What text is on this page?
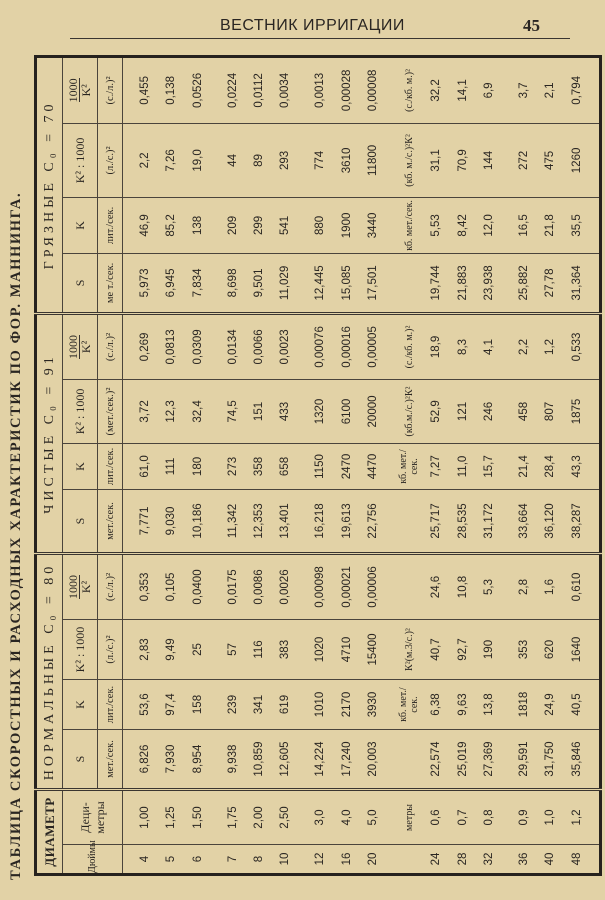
ВЕСТНИК ИРРИГАЦИИ	45
ТАБЛИЦА СКОРОСТНЫХ И РАСХОДНЫХ ХАРАКТЕРИСТИК ПО ФОР. МАННИНГА. ДИАМЕТР		НОРМАЛЬНЫЕ C₀ = 80				ЧИСТЫЕ C₀ = 91				ГРЯЗНЫЕ C₀ = 70			
Дюймы	Деци-метры	S	K	K² : 1000	1000 K²	S	K	K² : 1000	1000 K²	S	K	K² : 1000	1000 K²

		мет./сек.	лит./сек.	(л./с.)²	(с./л.)²	мет./сек.	лит./сек.	(мет./сек.)²	(с./л.)²	ме т./сек.	лит./сек.	(л./с.)²	(с./л.)²

4	1,00	6,826	53,6	2,83	0,353	7,771	61,0	3,72	0,269	5,973	46,9	2,2	0,455
5	1,25	7,930	97,4	9,49	0,105	9,030	111	12,3	0,0813	6,945	85,2	7,26	0,138
6	1,50	8,954	158	25	0,0400	10,186	180	32,4	0,0309	7,834	138	19,0	0,0526

7	1,75	9,938	239	57	0,0175	11,342	273	74,5	0,0134	8,698	209	44	0,0224
8	2,00	10,859	341	116	0,0086	12,353	358	151	0,0066	9,501	299	89	0,0112
10	2,50	12,605	619	383	0,0026	13,401	658	433	0,0023	11,029	541	293	0,0034

12	3,0	14,224	1010	1020	0,00098	16,218	1150	1320	0,00076	12,445	880	774	0,0013
16	4,0	17,240	2170	4710	0,00021	19,613	2470	6100	0,00016	15,085	1900	3610	0,00028
20	5,0	20,003	3930	15400	0,00006	22,756	4470	20000	0,00005	17,501	3440	11800	0,00008

	метры		кб. мет./сек.	К²(м.3/с.)²			кб. мет./сек.	(кб.м./с.)²К²	(с./кб. м.)²		кб. мет./сек.	(кб. м./с.)²К²	(с./кб. м.)²
24	0,6	22,574	6,38	40,7	24,6	25,717	7,27	52,9	18,9	19,744	5,53	31,1	32,2
28	0,7	25,019	9,63	92,7	10,8	28,535	11,0	121	8,3	21,883	8,42	70,9	14,1
32	0,8	27,369	13,8	190	5,3	31,172	15,7	246	4,1	23,938	12,0	144	6,9

36	0,9	29,591	1818	353	2,8	33,664	21,4	458	2,2	25,882	16,5	272	3,7
40	1,0	31,750	24,9	620	1,6	36,120	28,4	807	1,2	27,78	21,8	475	2,1
48	1,2	35,846	40,5	1640	0,610	38,287	43,3	1875	0,533	31,364	35,5	1260	0,794
